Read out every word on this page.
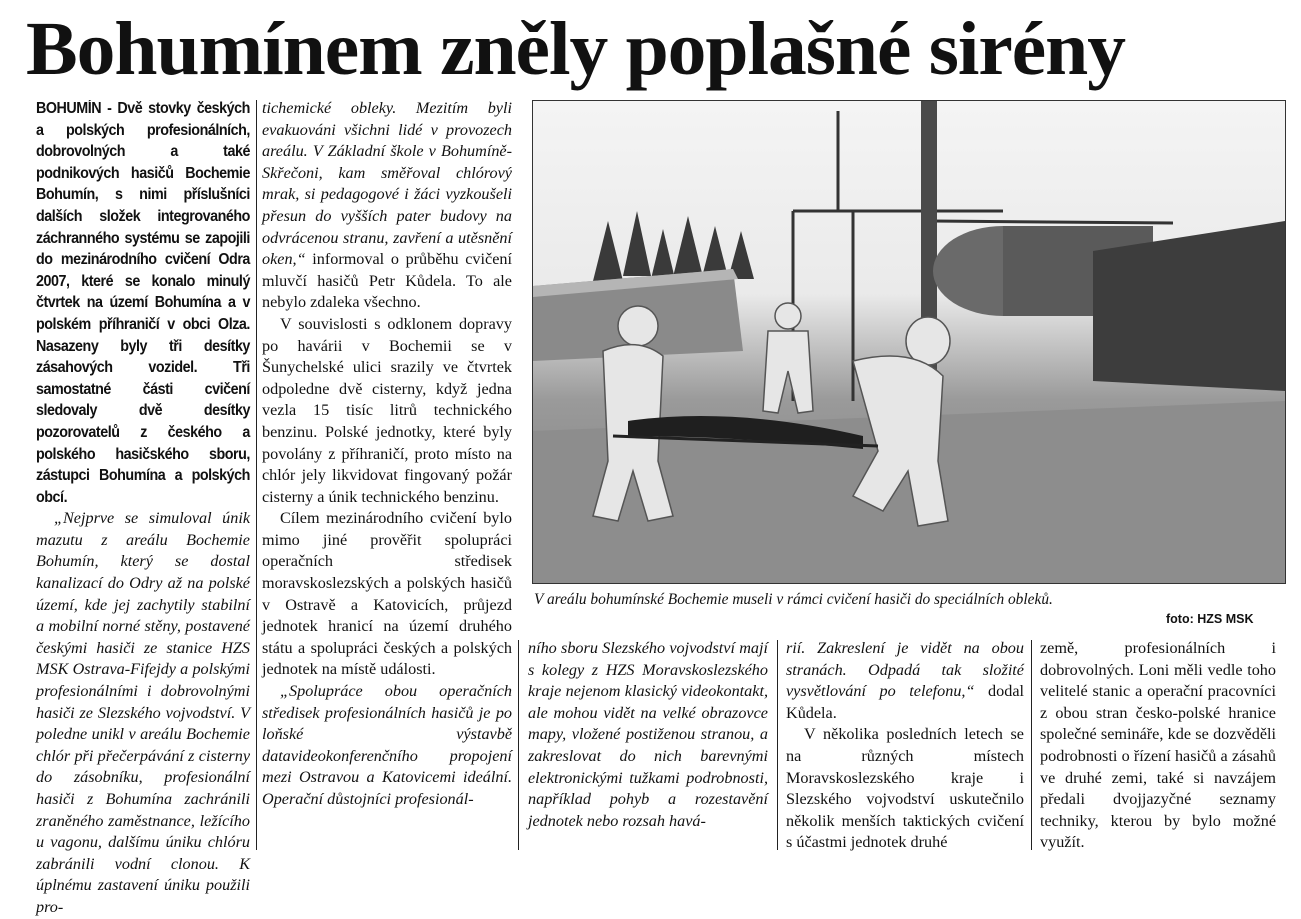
Bohumínem zněly poplašné sirény

BOHUMÍN - Dvě stovky českých a polských profesionálních, dobrovolných a také podnikových hasičů Bochemie Bohumín, s nimi příslušníci dalších složek integrovaného záchranného systému se zapojili do mezinárodního cvičení Odra 2007, které se konalo minulý čtvrtek na území Bohumína a v polském příhraničí v obci Olza. Nasazeny byly tři desítky zásahových vozidel. Tři samostatné části cvičení sledovaly dvě desítky pozorovatelů z českého a polského hasičského sboru, zástupci Bohumína a polských obcí.

„Nejprve se simuloval únik mazutu z areálu Bochemie Bohumín, který se dostal kanalizací do Odry až na polské území, kde jej zachytily stabilní a mobilní norné stěny, postavené českými hasiči ze stanice HZS MSK Ostrava-Fifejdy a polskými profesionálními i dobrovolnými hasiči ze Slezského vojvodství. V poledne unikl v areálu Bochemie chlór při přečerpávání z cisterny do zásobníku, profesionální hasiči z Bohumína zachránili zraněného zaměstnance, ležícího u vagonu, dalšímu úniku chlóru zabránili vodní clonou. K úplnému zastavení úniku použili pro-

tichemické obleky. Mezitím byli evakuováni všichni lidé v provozech areálu. V Základní škole v Bohumíně-Skřečoni, kam směřoval chlórový mrak, si pedagogové i žáci vyzkoušeli přesun do vyšších pater budovy na odvrácenou stranu, zavření a utěsnění oken,“ informoval o průběhu cvičení mluvčí hasičů Petr Kůdela. To ale nebylo zdaleka všechno.

V souvislosti s odklonem dopravy po havárii v Bochemii se v Šunychelské ulici srazily ve čtvrtek odpoledne dvě cisterny, když jedna vezla 15 tisíc litrů technického benzinu. Polské jednotky, které byly povolány z příhraničí, proto místo na chlór jely likvidovat fingovaný požár cisterny a únik technického benzinu.

Cílem mezinárodního cvičení bylo mimo jiné prověřit spolupráci operačních středisek moravskoslezských a polských hasičů v Ostravě a Katovicích, průjezd jednotek hranicí na území druhého státu a spolupráci českých a polských jednotek na místě události.

„Spolupráce obou operačních středisek profesionálních hasičů je po loňské výstavbě datavideokonferenčního propojení mezi Ostravou a Katovicemi ideální. Operační důstojníci profesionál-

V areálu bohumínské Bochemie museli v rámci cvičení hasiči do speciálních obleků.
foto: HZS MSK

ního sboru Slezského vojvodství mají s kolegy z HZS Moravskoslezského kraje nejenom klasický videokontakt, ale mohou vidět na velké obrazovce mapy, vložené postiženou stranou, a zakreslovat do nich barevnými elektronickými tužkami podrobnosti, například pohyb a rozestavění jednotek nebo rozsah havá-

rií. Zakreslení je vidět na obou stranách. Odpadá tak složité vysvětlování po telefonu,“ dodal Kůdela.

V několika posledních letech se na různých místech Moravskoslezského kraje i Slezského vojvodství uskutečnilo několik menších taktických cvičení s účastmi jednotek druhé

země, profesionálních i dobrovolných. Loni měli vedle toho velitelé stanic a operační pracovníci z obou stran česko-polské hranice společné semináře, kde se dozvěděli podrobnosti o řízení hasičů a zásahů ve druhé zemi, také si navzájem předali dvojjazyčné seznamy techniky, kterou by bylo možné využít.
